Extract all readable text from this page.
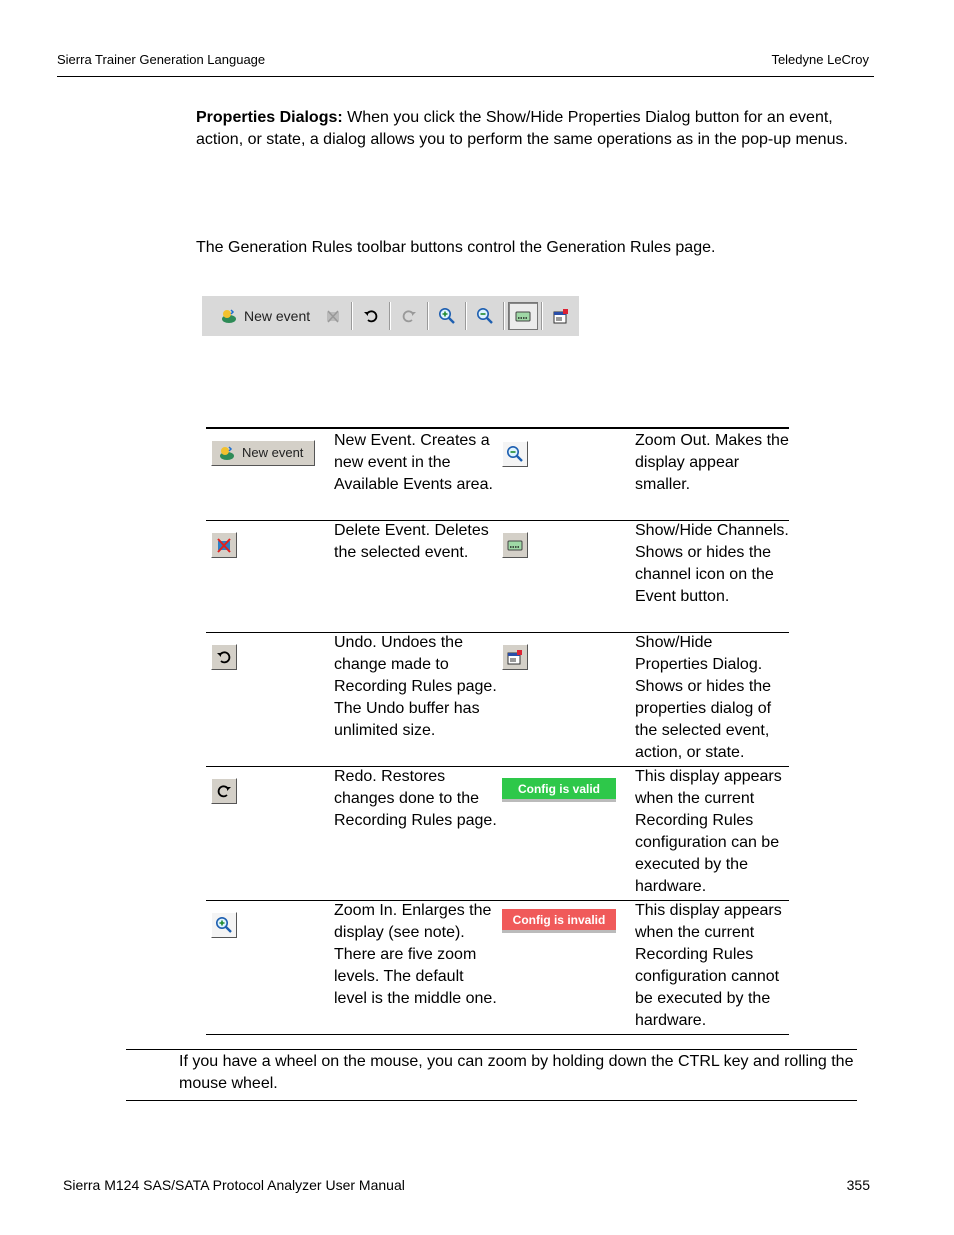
Sierra Trainer Generation Language	Teledyne LeCroy
Properties Dialogs: When you click the Show/Hide Properties Dialog button for an event, action, or state, a dialog allows you to perform the same operations as in the pop-up menus.
The Generation Rules toolbar buttons control the Generation Rules page.
New event
New event
New Event. Creates a new event in the Available Events area.
Zoom Out. Makes the display appear smaller.
Delete Event. Deletes the selected event.
Show/Hide Channels. Shows or hides the channel icon on the Event button.
Undo. Undoes the change made to Recording Rules page. The Undo buffer has unlimited size.
Show/Hide Properties Dialog. Shows or hides the properties dialog of the selected event, action, or state.
Redo. Restores changes done to the Recording Rules page.
Config is valid
This display appears when the current Recording Rules configuration can be executed by the hardware.
Zoom In. Enlarges the display (see note). There are five zoom levels. The default level is the middle one.
Config is invalid
This display appears when the current Recording Rules configuration cannot be executed by the hardware.
If you have a wheel on the mouse, you can zoom by holding down the CTRL key and rolling the mouse wheel.
Sierra M124 SAS/SATA Protocol Analyzer User Manual	355
